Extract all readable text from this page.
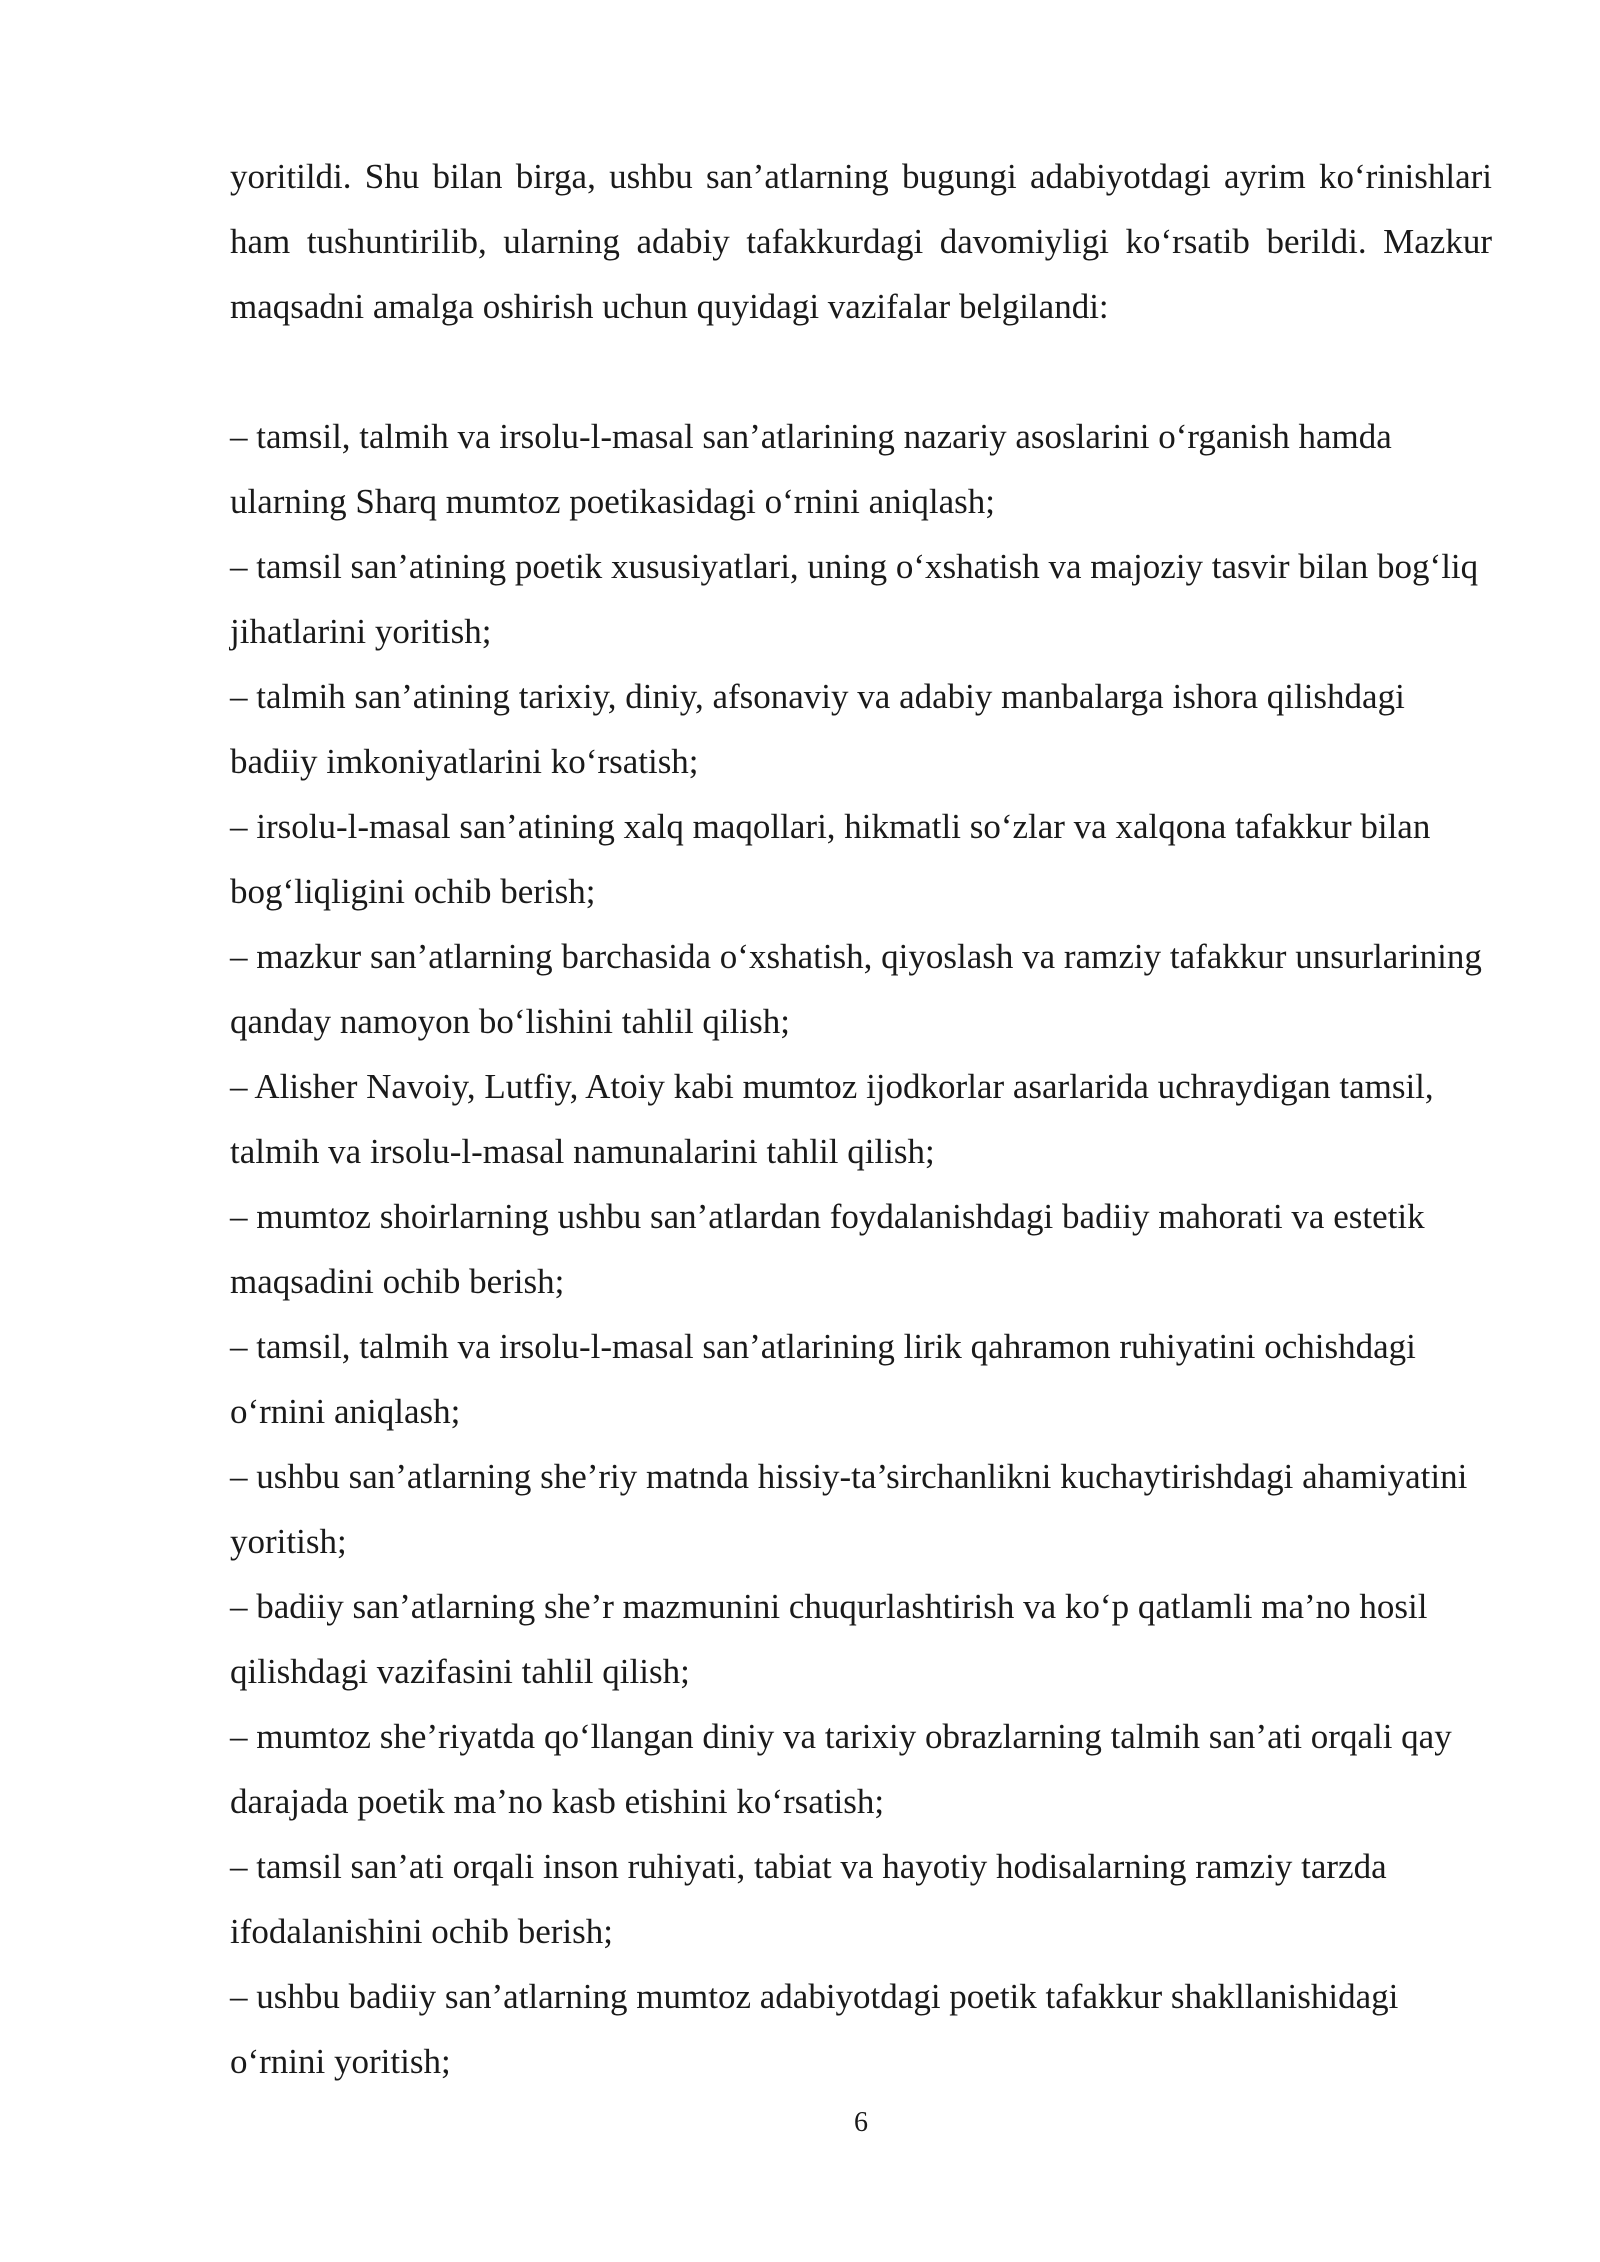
yoritildi. Shu bilan birga, ushbu san’atlarning bugungi adabiyotdagi ayrim ko‘rinishlari ham tushuntirilib, ularning adabiy tafakkurdagi davomiyligi ko‘rsatib berildi. Mazkur maqsadni amalga oshirish uchun quyidagi vazifalar belgilandi:

– tamsil, talmih va irsolu-l-masal san’atlarining nazariy asoslarini o‘rganish hamda ularning Sharq mumtoz poetikasidagi o‘rnini aniqlash;

– tamsil san’atining poetik xususiyatlari, uning o‘xshatish va majoziy tasvir bilan bog‘liq jihatlarini yoritish;

– talmih san’atining tarixiy, diniy, afsonaviy va adabiy manbalarga ishora qilishdagi badiiy imkoniyatlarini ko‘rsatish;

– irsolu-l-masal san’atining xalq maqollari, hikmatli so‘zlar va xalqona tafakkur bilan bog‘liqligini ochib berish;

– mazkur san’atlarning barchasida o‘xshatish, qiyoslash va ramziy tafakkur unsurlarining qanday namoyon bo‘lishini tahlil qilish;

– Alisher Navoiy, Lutfiy, Atoiy kabi mumtoz ijodkorlar asarlarida uchraydigan tamsil, talmih va irsolu-l-masal namunalarini tahlil qilish;

– mumtoz shoirlarning ushbu san’atlardan foydalanishdagi badiiy mahorati va estetik maqsadini ochib berish;

– tamsil, talmih va irsolu-l-masal san’atlarining lirik qahramon ruhiyatini ochishdagi o‘rnini aniqlash;

– ushbu san’atlarning she’riy matnda hissiy-ta’sirchanlikni kuchaytirishdagi ahamiyatini yoritish;

– badiiy san’atlarning she’r mazmunini chuqurlashtirish va ko‘p qatlamli ma’no hosil qilishdagi vazifasini tahlil qilish;

– mumtoz she’riyatda qo‘llangan diniy va tarixiy obrazlarning talmih san’ati orqali qay darajada poetik ma’no kasb etishini ko‘rsatish;

– tamsil san’ati orqali inson ruhiyati, tabiat va hayotiy hodisalarning ramziy tarzda ifodalanishini ochib berish;

– ushbu badiiy san’atlarning mumtoz adabiyotdagi poetik tafakkur shakllanishidagi o‘rnini yoritish;

6
